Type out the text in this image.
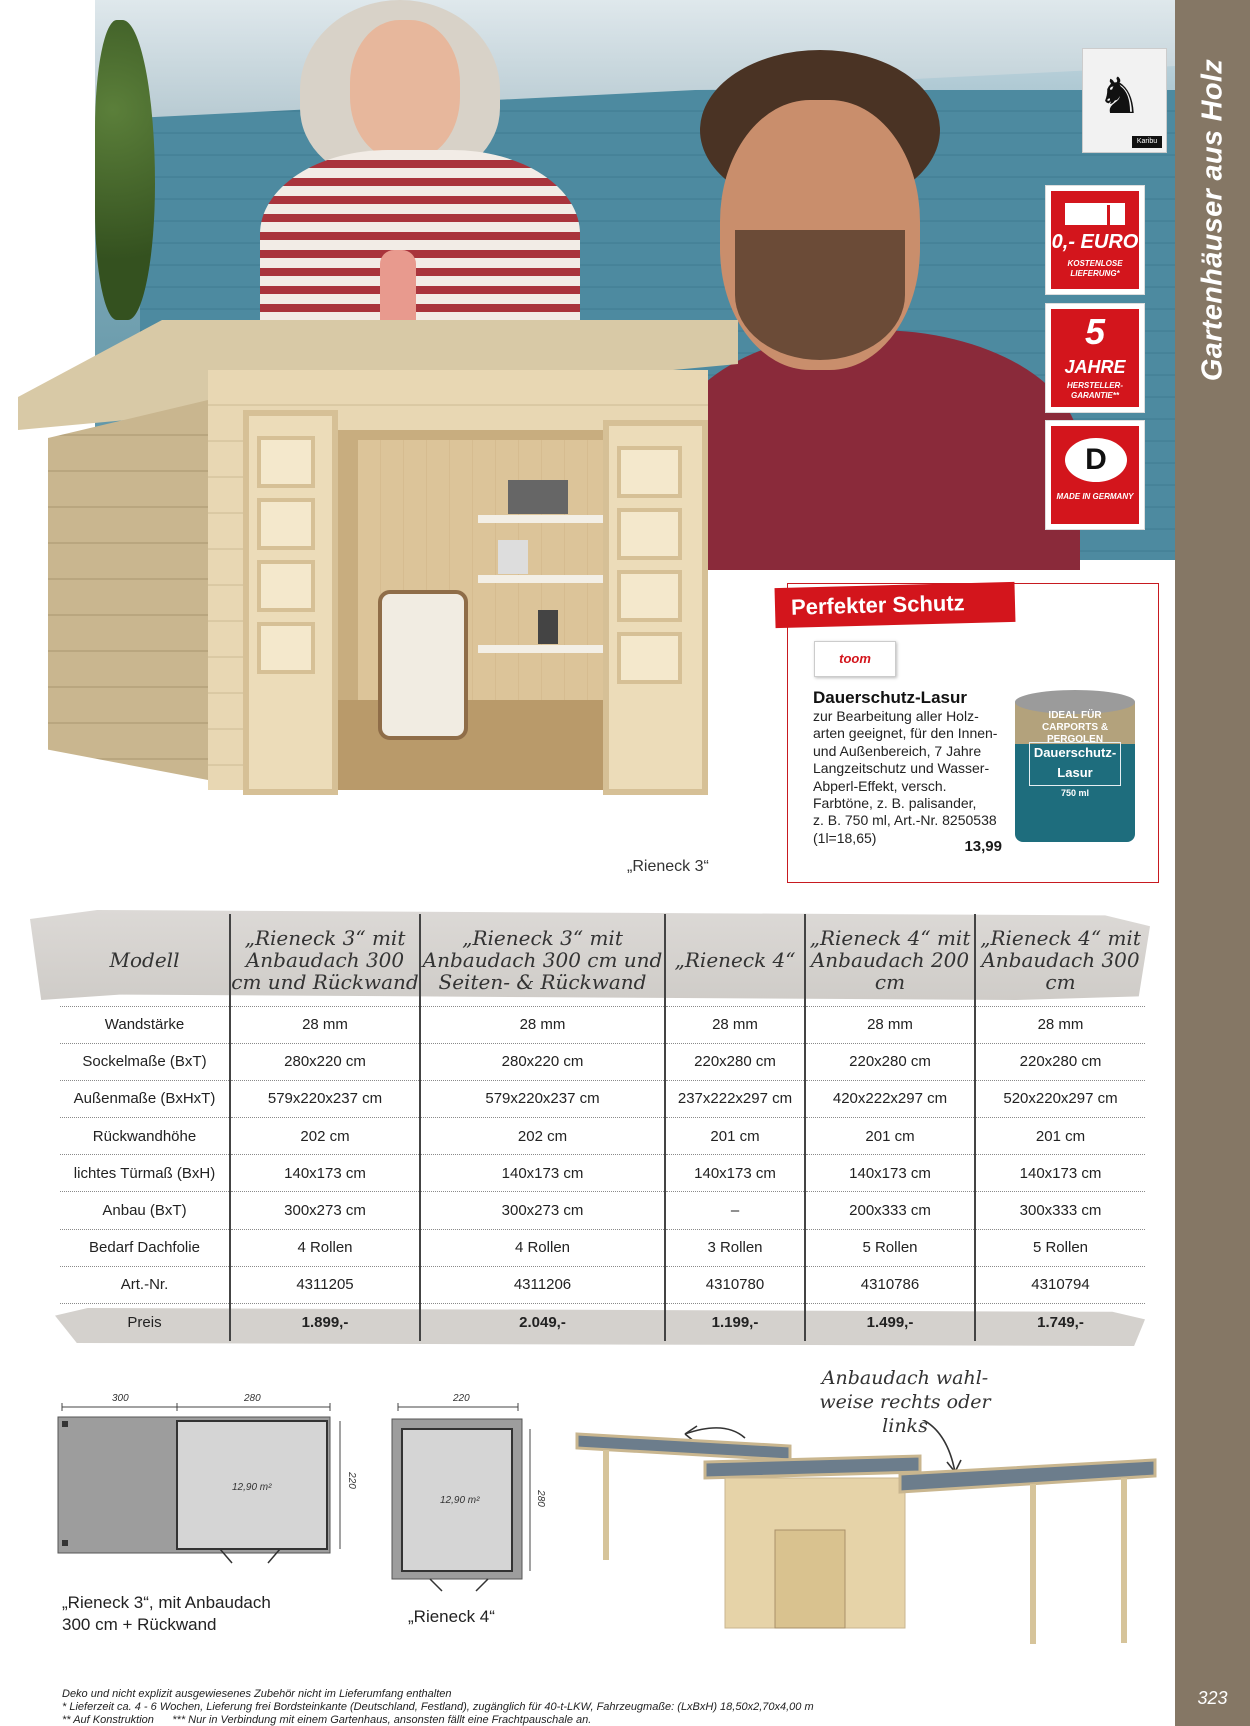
Gartenhäuser aus Holz
323
„Rieneck 3“
♞
Karibu
0,- EURO
KOSTENLOSE LIEFERUNG*
5
JAHRE
HERSTELLER-GARANTIE**
D
MADE IN GERMANY
Perfekter Schutz
toom
Dauerschutz-Lasur
zur Bearbeitung aller Holz-
arten geeignet, für den Innen-
und Außenbereich, 7 Jahre
Langzeitschutz und Wasser-
Abperl-Effekt, versch.
Farbtöne, z. B. palisander,
z. B. 750 ml, Art.-Nr. 8250538
(1l=18,65)
13,99
IDEAL FÜR CARPORTS & PERGOLEN
Dauerschutz-Lasur
750 ml
Modell	„Rieneck 3“ mit Anbaudach 300 cm und Rückwand	„Rieneck 3“ mit Anbaudach 300 cm und Seiten- & Rückwand	„Rieneck 4“	„Rieneck 4“ mit Anbaudach 200 cm	„Rieneck 4“ mit Anbaudach 300 cm
Wandstärke	28 mm	28 mm	28 mm	28 mm	28 mm
Sockelmaße (BxT)	280x220 cm	280x220 cm	220x280 cm	220x280 cm	220x280 cm
Außenmaße (BxHxT)	579x220x237 cm	579x220x237 cm	237x222x297 cm	420x222x297 cm	520x220x297 cm
Rückwandhöhe	202 cm	202 cm	201 cm	201 cm	201 cm
lichtes Türmaß (BxH)	140x173 cm	140x173 cm	140x173 cm	140x173 cm	140x173 cm
Anbau (BxT)	300x273 cm	300x273 cm	–	200x333 cm	300x333 cm
Bedarf Dachfolie	4 Rollen	4 Rollen	3 Rollen	5 Rollen	5 Rollen
Art.-Nr.	4311205	4311206	4310780	4310786	4310794
Preis	1.899,-	2.049,-	1.199,-	1.499,-	1.749,-
300	280
220
12,90 m²
„Rieneck 3“, mit Anbaudach
300 cm + Rückwand
220
280
12,90 m²
„Rieneck 4“
Anbaudach wahl-
weise rechts oder
links
Deko und nicht explizit ausgewiesenes Zubehör nicht im Lieferumfang enthalten
* Lieferzeit ca. 4 - 6 Wochen, Lieferung frei Bordsteinkante (Deutschland, Festland), zugänglich für 40-t-LKW, Fahrzeugmaße: (LxBxH) 18,50x2,70x4,00 m
** Auf Konstruktion      *** Nur in Verbindung mit einem Gartenhaus, ansonsten fällt eine Frachtpauschale an.
